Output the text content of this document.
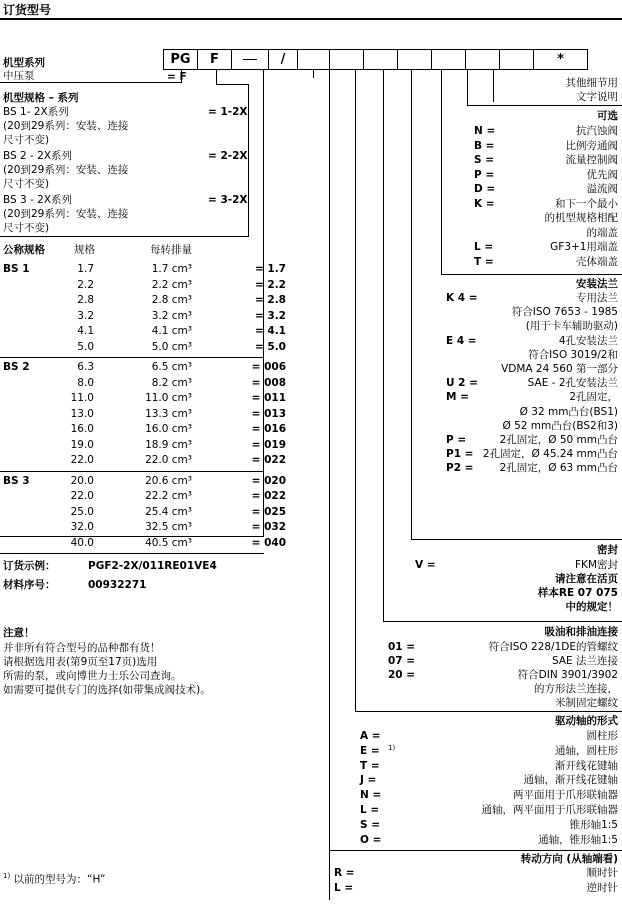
订货型号
PG	F	/	*
机型系列
中压泵	= F
机型规格 – 系列
BS 1- 2X系列	= 1-2X
(20到29系列：安装、连接
尺寸不变)
BS 2 - 2X系列	= 2-2X
(20到29系列：安装、连接
尺寸不变)
BS 3 - 2X系列	= 3-2X
(20到29系列：安装、连接
尺寸不变)
公称规格	规格	每转排量
BS 1	1.7	1.7 cm³	= 1.7
2.2	2.2 cm³	= 2.2
2.8	2.8 cm³	= 2.8
3.2	3.2 cm³	= 3.2
4.1	4.1 cm³	= 4.1
5.0	5.0 cm³	= 5.0
BS 2	6.3	6.5 cm³	= 006
8.0	8.2 cm³	= 008
11.0	11.0 cm³	= 011
13.0	13.3 cm³	= 013
16.0	16.0 cm³	= 016
19.0	18.9 cm³	= 019
22.0	22.0 cm³	= 022
BS 3	20.0	20.6 cm³	= 020
22.0	22.2 cm³	= 022
25.0	25.4 cm³	= 025
32.0	32.5 cm³	= 032
40.0	40.5 cm³	= 040
订货示例：	PGF2-2X/011RE01VE4
材料序号：	00932271
注意！
并非所有符合型号的品种都有货！
请根据选用表(第9页至17页)选用
所需的泵，或向博世力士乐公司查询。
如需要可提供专门的选择(如带集成阀技术)。
$^{1)}$ 以前的型号为：“H”
其他细节用
文字说明
可选
N =	抗汽蚀阀
B =	比例旁通阀
S =	流量控制阀
P =	优先阀
D =	溢流阀
K =	和下一个最小
的机型规格相配
的端盖
L =	GF3+1用端盖
T =	壳体端盖
安装法兰
K 4 =	专用法兰
符合ISO 7653 - 1985
(用于卡车辅助驱动)
E 4 =	4孔安装法兰
符合ISO 3019/2和
VDMA 24 560 第一部分
U 2 =	SAE - 2孔安装法兰
M =	2孔固定，
Ø 32 mm凸台(BS1)
Ø 52 mm凸台(BS2和3)
P =	2孔固定，Ø 50 mm凸台
P1 = 2孔固定，Ø 45.24 mm凸台
P2 = 2孔固定，Ø 63 mm凸台
密封
V =	FKM密封
请注意在活页
样本RE 07 075
中的规定！
吸油和排油连接
01 =	符合ISO 228/1DE的管螺纹
07 =	SAE 法兰连接
20 =	符合DIN 3901/3902
的方形法兰连接，
米制固定螺纹
驱动轴的形式
A =	圆柱形
E =	通轴，圆柱形
T =	渐开线花键轴
J =	通轴，渐开线花键轴
N =	两平面用于爪形联轴器
L =	通轴，两平面用于爪形联轴器
S =	锥形轴1:5
O =	通轴，锥形轴1:5
1)
转动方向 (从轴端看)
R =	顺时针
L =	逆时针
